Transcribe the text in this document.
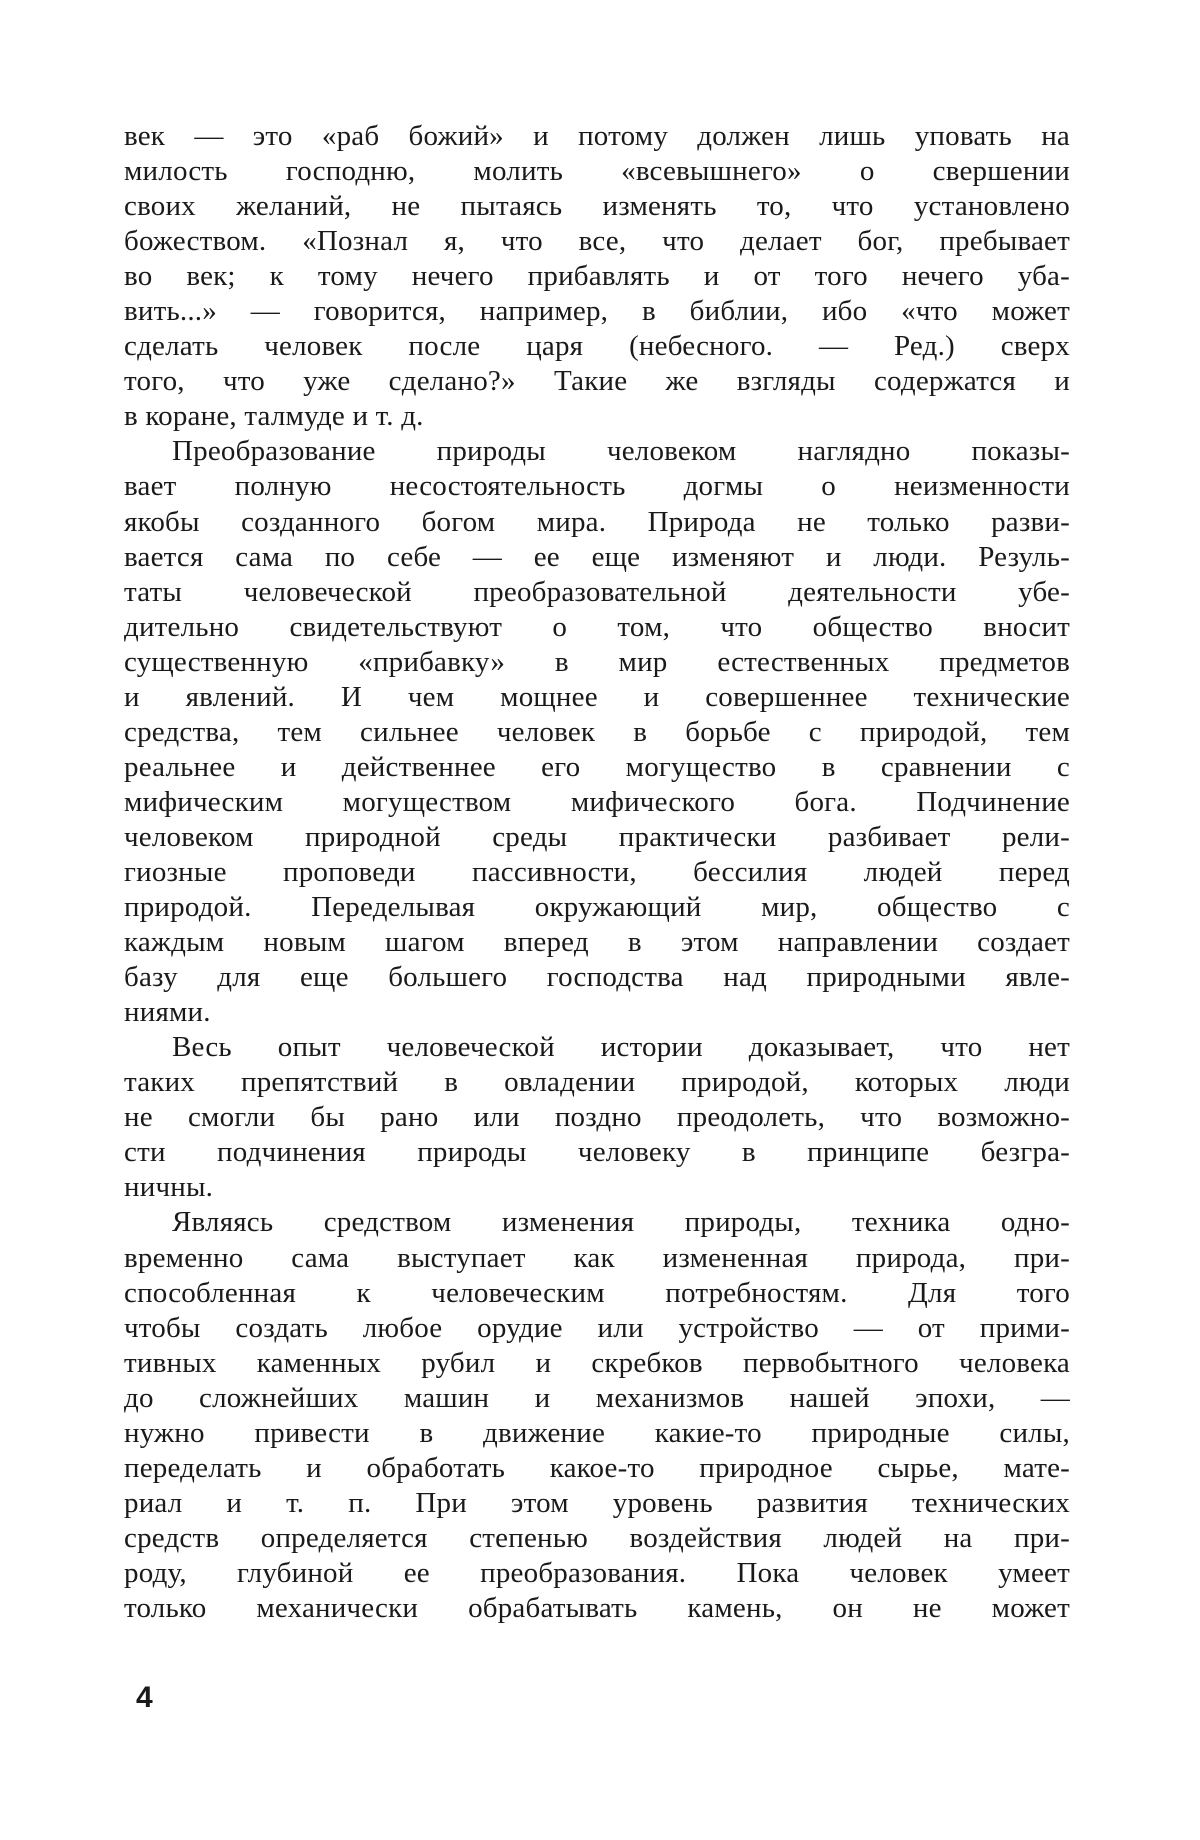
век — это «раб божий» и потому должен лишь уповать на
милость господню, молить «всевышнего» о свершении
своих желаний, не пытаясь изменять то, что установлено
божеством. «Познал я, что все, что делает бог, пребывает
во век; к тому нечего прибавлять и от того нечего уба-
вить...» — говорится, например, в библии, ибо «что может
сделать человек после царя (небесного. — Ред.) сверх
того, что уже сделано?» Такие же взгляды содержатся и
в коране, талмуде и т. д.
Преобразование природы человеком наглядно показы-
вает полную несостоятельность догмы о неизменности
якобы созданного богом мира. Природа не только разви-
вается сама по себе — ее еще изменяют и люди. Резуль-
таты человеческой преобразовательной деятельности убе-
дительно свидетельствуют о том, что общество вносит
существенную «прибавку» в мир естественных предметов
и явлений. И чем мощнее и совершеннее технические
средства, тем сильнее человек в борьбе с природой, тем
реальнее и действеннее его могущество в сравнении с
мифическим могуществом мифического бога. Подчинение
человеком природной среды практически разбивает рели-
гиозные проповеди пассивности, бессилия людей перед
природой. Переделывая окружающий мир, общество с
каждым новым шагом вперед в этом направлении создает
базу для еще большего господства над природными явле-
ниями.
Весь опыт человеческой истории доказывает, что нет
таких препятствий в овладении природой, которых люди
не смогли бы рано или поздно преодолеть, что возможно-
сти подчинения природы человеку в принципе безгра-
ничны.
Являясь средством изменения природы, техника одно-
временно сама выступает как измененная природа, при-
способленная к человеческим потребностям. Для того
чтобы создать любое орудие или устройство — от прими-
тивных каменных рубил и скребков первобытного человека
до сложнейших машин и механизмов нашей эпохи, —
нужно привести в движение какие-то природные силы,
переделать и обработать какое-то природное сырье, мате-
риал и т. п. При этом уровень развития технических
средств определяется степенью воздействия людей на при-
роду, глубиной ее преобразования. Пока человек умеет
только механически обрабатывать камень, он не может
4
